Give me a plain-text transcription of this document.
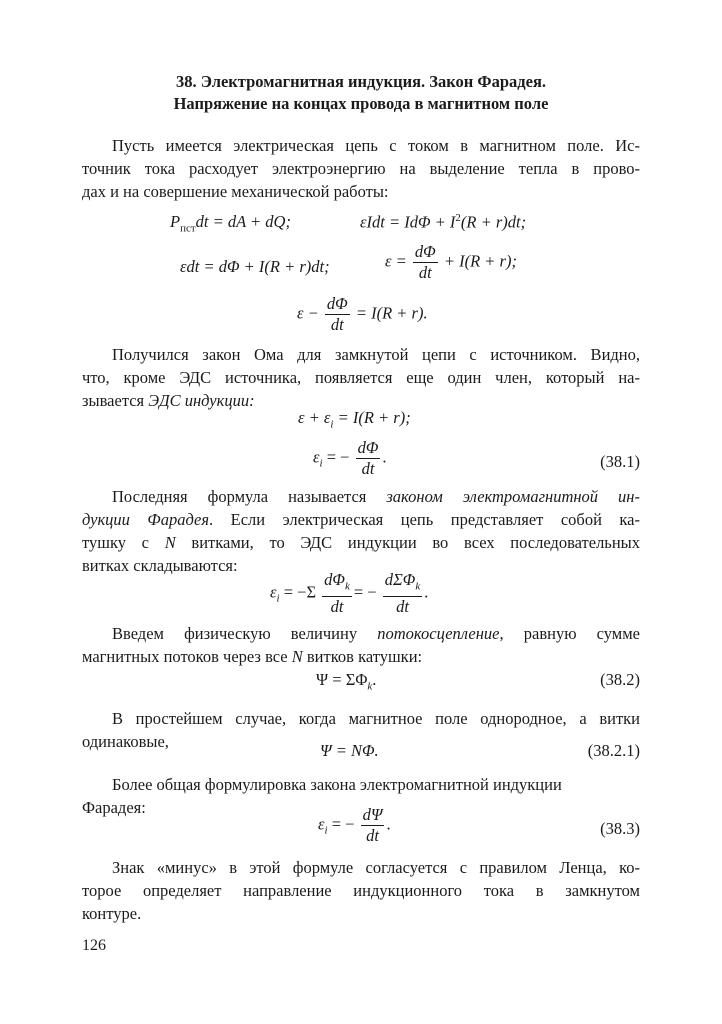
38. Электромагнитная индукция. Закон Фарадея.
Напряжение на концах провода в магнитном поле
Пусть имеется электрическая цепь с током в магнитном поле. Ис-
точник тока расходует электроэнергию на выделение тепла в прово-
дах и на совершение механической работы:
$P_{пст}dt$ = dA + dQ;	$\varepsilon Idt = Id\Phi + I^2(R + r)dt$;
εdt = dΦ + I(R + r)dt;	$\varepsilon = \frac{d\Phi}{dt} + I(R + r)$;
$\varepsilon - \frac{d\Phi}{dt} = I(R + r)$.
Получился закон Ома для замкнутой цепи с источником. Видно,
что, кроме ЭДС источника, появляется еще один член, который на-
зывается ЭДС индукции:
$\varepsilon + \varepsilon_i = I(R + r)$;
$\varepsilon_i$ = − $\frac{d\Phi}{dt}$ .	(38.1)
Последняя формула называется законом электромагнитной ин-
дукции Фарадея. Если электрическая цепь представляет собой ка-
тушку с N витками, то ЭДС индукции во всех последовательных
витках складываются:
$\varepsilon_i = -\Sigma \frac{d\Phi_k}{dt}$ = − $\frac{d\Sigma\Phi_k}{dt}$ .
Введем физическую величину потокосцепление, равную сумме
магнитных потоков через все N витков катушки:
$\Psi = \Sigma\Phi_k$.	(38.2)
В простейшем случае, когда магнитное поле однородное, а витки
одинаковые,	Ψ = NΦ.	(38.2.1)
Более общая формулировка закона электромагнитной индукции
Фарадея:
$\varepsilon_i$ = − $\frac{d\Psi}{dt}$ .	(38.3)
Знак «минус» в этой формуле согласуется с правилом Ленца, ко-
торое определяет направление индукционного тока в замкнутом
контуре.
126
